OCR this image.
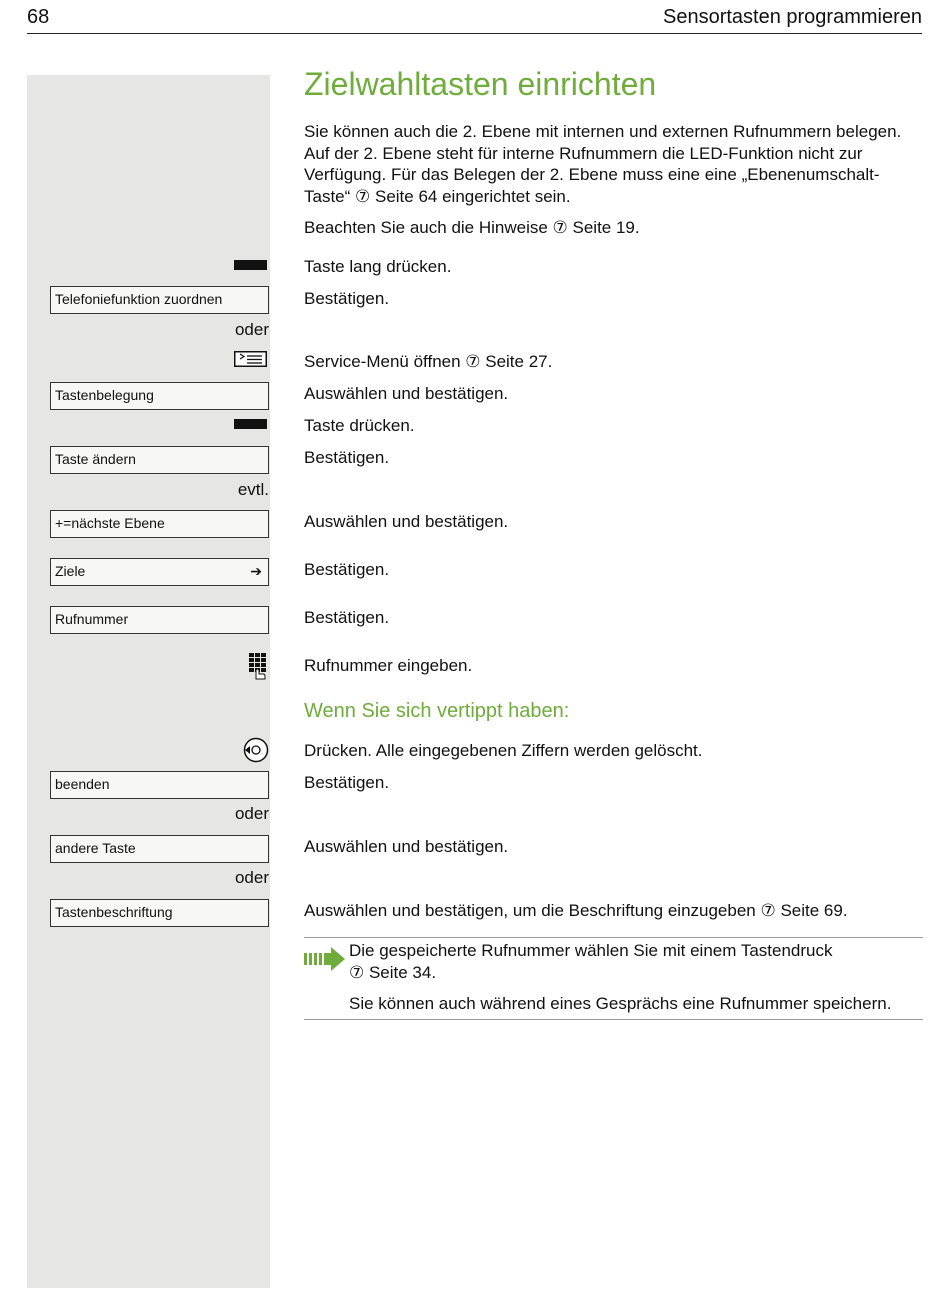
68	Sensortasten programmieren
Zielwahltasten einrichten
Sie können auch die 2. Ebene mit internen und externen Rufnummern belegen. Auf der 2. Ebene steht für interne Rufnummern die LED-Funktion nicht zur Verfügung. Für das Belegen der 2. Ebene muss eine eine „Ebenenumschalt-Taste“ ⑦ Seite 64 eingerichtet sein.
Beachten Sie auch die Hinweise ⑦ Seite 19.
Taste lang drücken.
Telefoniefunktion zuordnen	Bestätigen.
oder
Service-Menü öffnen ⑦ Seite 27.
Tastenbelegung	Auswählen und bestätigen.
Taste drücken.
Taste ändern	Bestätigen.
evtl.
+=nächste Ebene	Auswählen und bestätigen.
Ziele	➔ Bestätigen.
Rufnummer	Bestätigen.
Rufnummer eingeben.
Wenn Sie sich vertippt haben:
Drücken. Alle eingegebenen Ziffern werden gelöscht.
beenden	Bestätigen.
oder
andere Taste	Auswählen und bestätigen.
oder
Tastenbeschriftung	Auswählen und bestätigen, um die Beschriftung einzugeben ⑦ Seite 69.
Die gespeicherte Rufnummer wählen Sie mit einem Tastendruck
⑦ Seite 34.
Sie können auch während eines Gesprächs eine Rufnummer speichern.
